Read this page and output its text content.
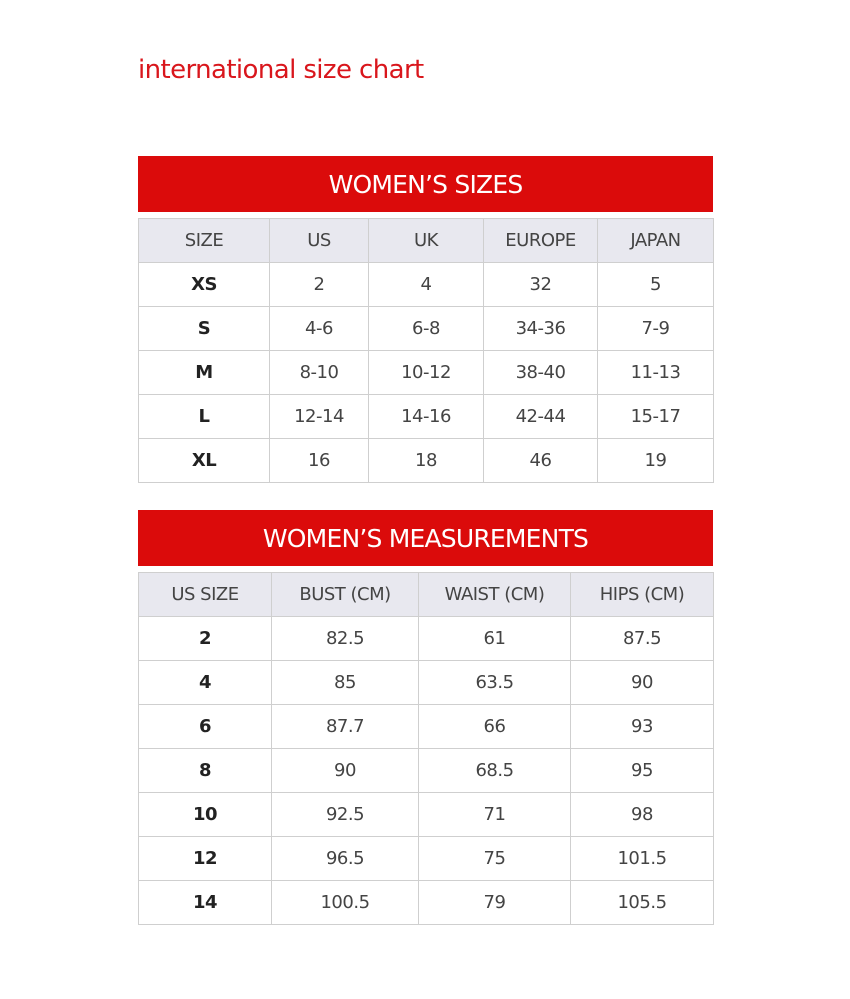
international size chart
WOMEN’S SIZES
SIZE	US	UK	EUROPE	JAPAN
XS	2	4	32	5
S	4-6	6-8	34-36	7-9
M	8-10	10-12	38-40	11-13
L	12-14	14-16	42-44	15-17
XL	16	18	46	19
WOMEN’S MEASUREMENTS
US SIZE	BUST (CM)	WAIST (CM)	HIPS (CM)
2	82.5	61	87.5
4	85	63.5	90
6	87.7	66	93
8	90	68.5	95
10	92.5	71	98
12	96.5	75	101.5
14	100.5	79	105.5
